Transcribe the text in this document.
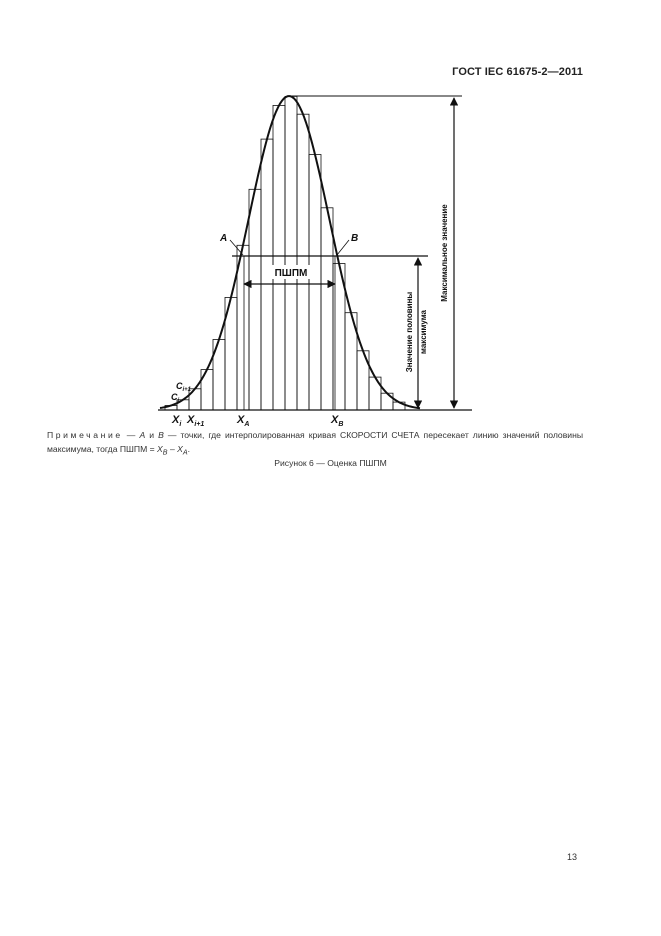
ГОСТ IEC 61675-2—2011
ПШПМ
A	B	Максимальное значение
Значение половины максимума
$X_i$ $X_{i+1}$	$X_A$	$X_B$
$C_{i+1}$
$C_i$
Примечание — A и B — точки, где интерполированная кривая СКОРОСТИ СЧЕТА пересекает линию значений половины максимума, тогда ПШПМ = $X_B - X_A$.
Рисунок 6 — Оценка ПШПМ
13
